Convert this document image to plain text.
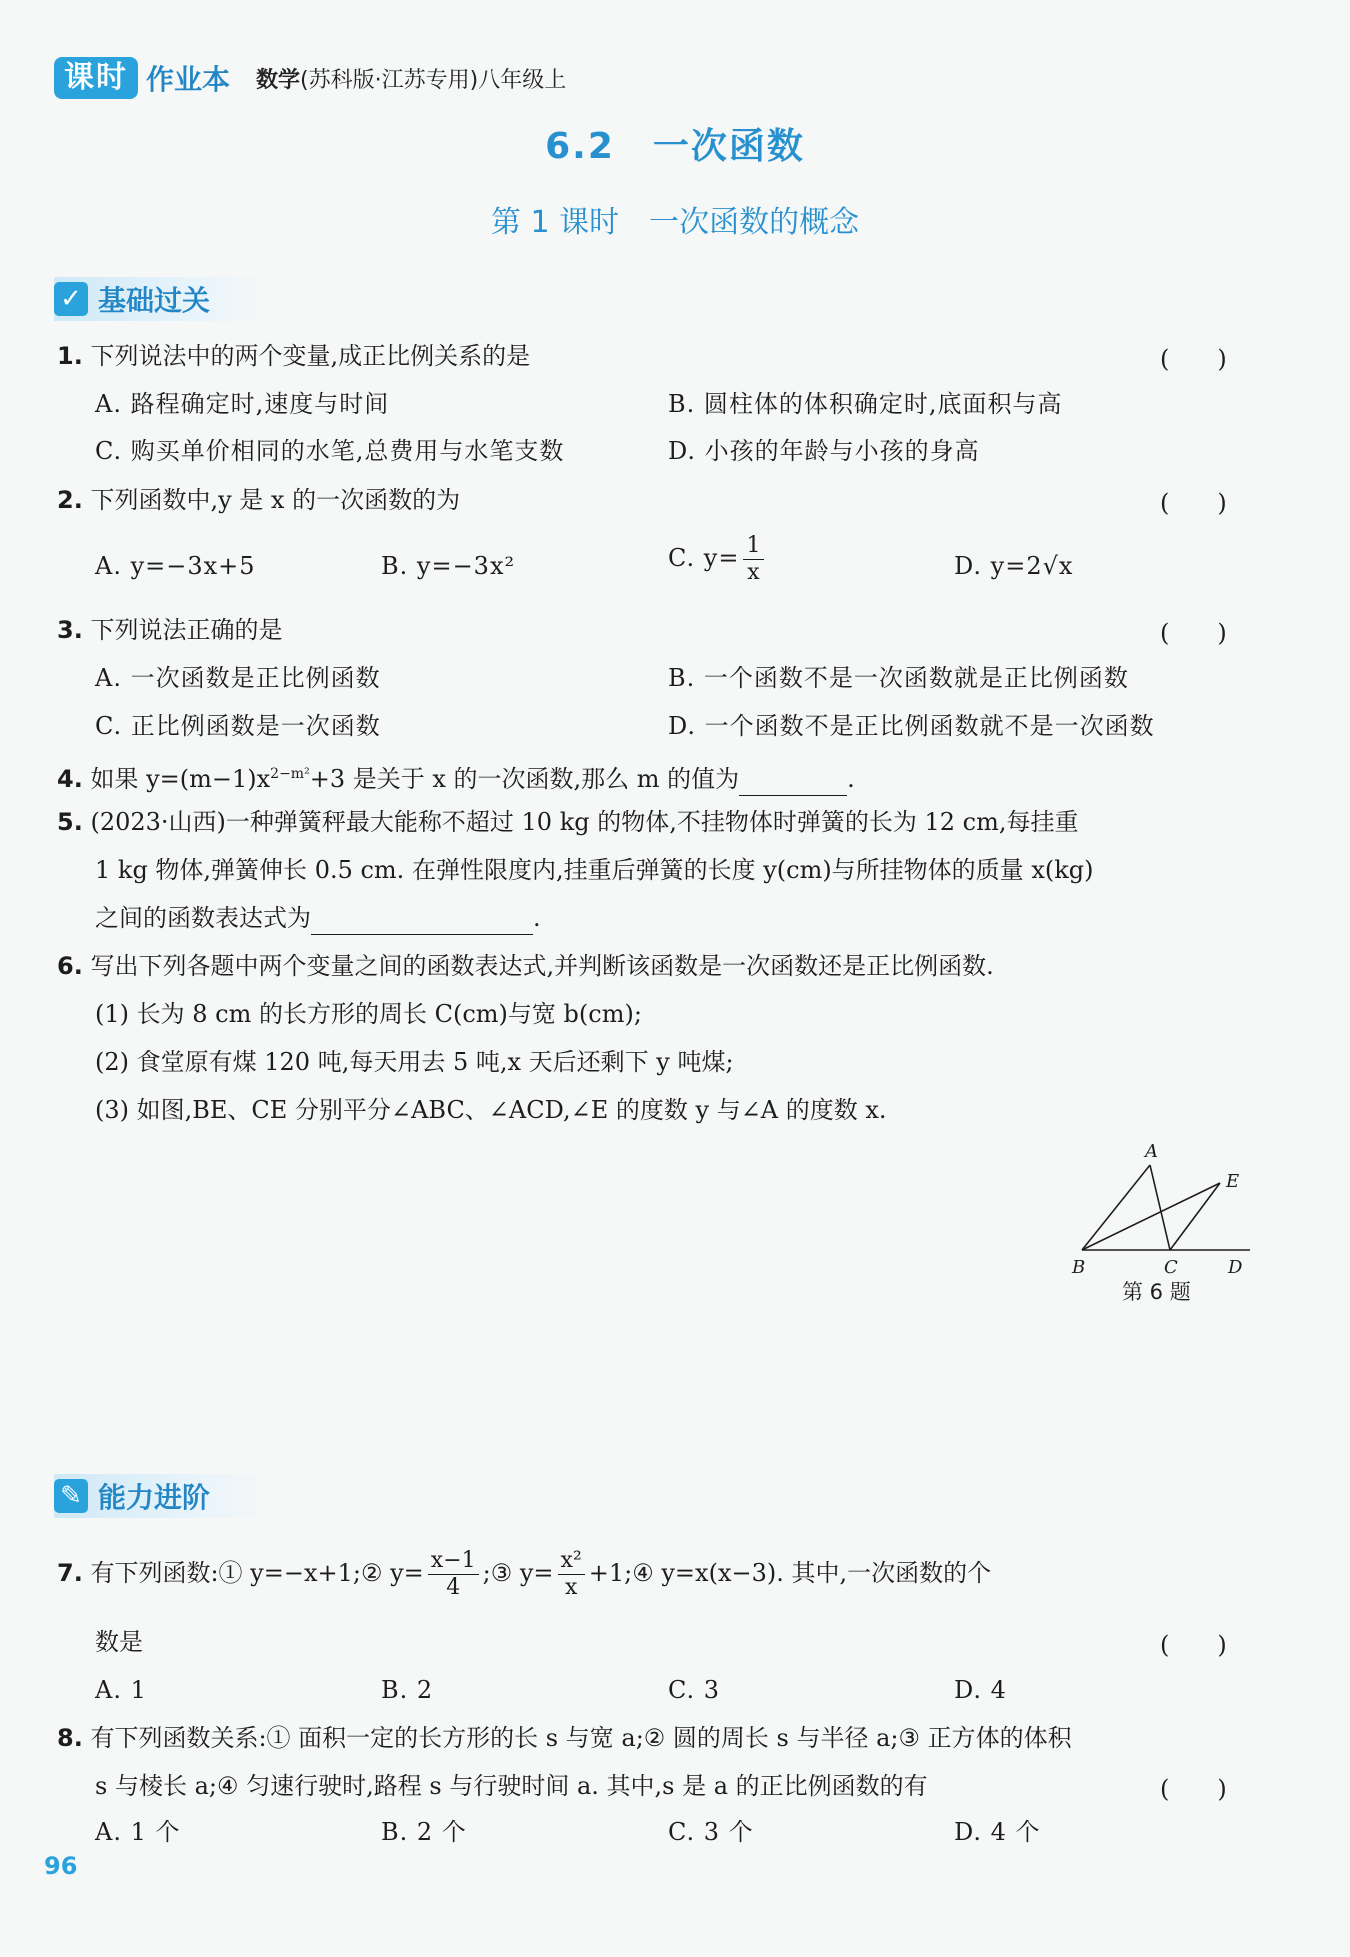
课时 作业本 数学(苏科版·江苏专用)八年级上
6.2　一次函数
第 1 课时　一次函数的概念
✓ 基础过关
1. 下列说法中的两个变量,成正比例关系的是	(　　)
A. 路程确定时,速度与时间	B. 圆柱体的体积确定时,底面积与高
C. 购买单价相同的水笔,总费用与水笔支数	D. 小孩的年龄与小孩的身高
2. 下列函数中,y 是 x 的一次函数的为	(　　)
A. y=−3x+5	B. y=−3x²	C. $y= \frac{1}{x}$	D. y=2√x
3. 下列说法正确的是	(　　)
A. 一次函数是正比例函数	B. 一个函数不是一次函数就是正比例函数
C. 正比例函数是一次函数	D. 一个函数不是正比例函数就不是一次函数
4. 如果 $y=(m-1)x^{2-m^2}+3$ 是关于 x 的一次函数,那么 m 的值为	.
5. (2023·山西)一种弹簧秤最大能称不超过 10 kg 的物体,不挂物体时弹簧的长为 12 cm,每挂重
1 kg 物体,弹簧伸长 0.5 cm. 在弹性限度内,挂重后弹簧的长度 y(cm)与所挂物体的质量 x(kg)
之间的函数表达式为	.
6. 写出下列各题中两个变量之间的函数表达式,并判断该函数是一次函数还是正比例函数.
(1) 长为 8 cm 的长方形的周长 C(cm)与宽 b(cm);
(2) 食堂原有煤 120 吨,每天用去 5 吨,x 天后还剩下 y 吨煤;
(3) 如图,BE、CE 分别平分∠ABC、∠ACD,∠E 的度数 y 与∠A 的度数 x.
A
E
B	C	D
第 6 题
✎ 能力进阶
7. 有下列函数:① y=−x+1;② $y= \frac{x-1}{4}$ ;③ $y= \frac{\text{x²}}{x}$ +1;④ y=x(x−3). 其中,一次函数的个
数是	(　　)
A. 1	B. 2	C. 3	D. 4
8. 有下列函数关系:① 面积一定的长方形的长 s 与宽 a;② 圆的周长 s 与半径 a;③ 正方体的体积
s 与棱长 a;④ 匀速行驶时,路程 s 与行驶时间 a. 其中,s 是 a 的正比例函数的有	(　　)
A. 1 个	B. 2 个	C. 3 个	D. 4 个
96
